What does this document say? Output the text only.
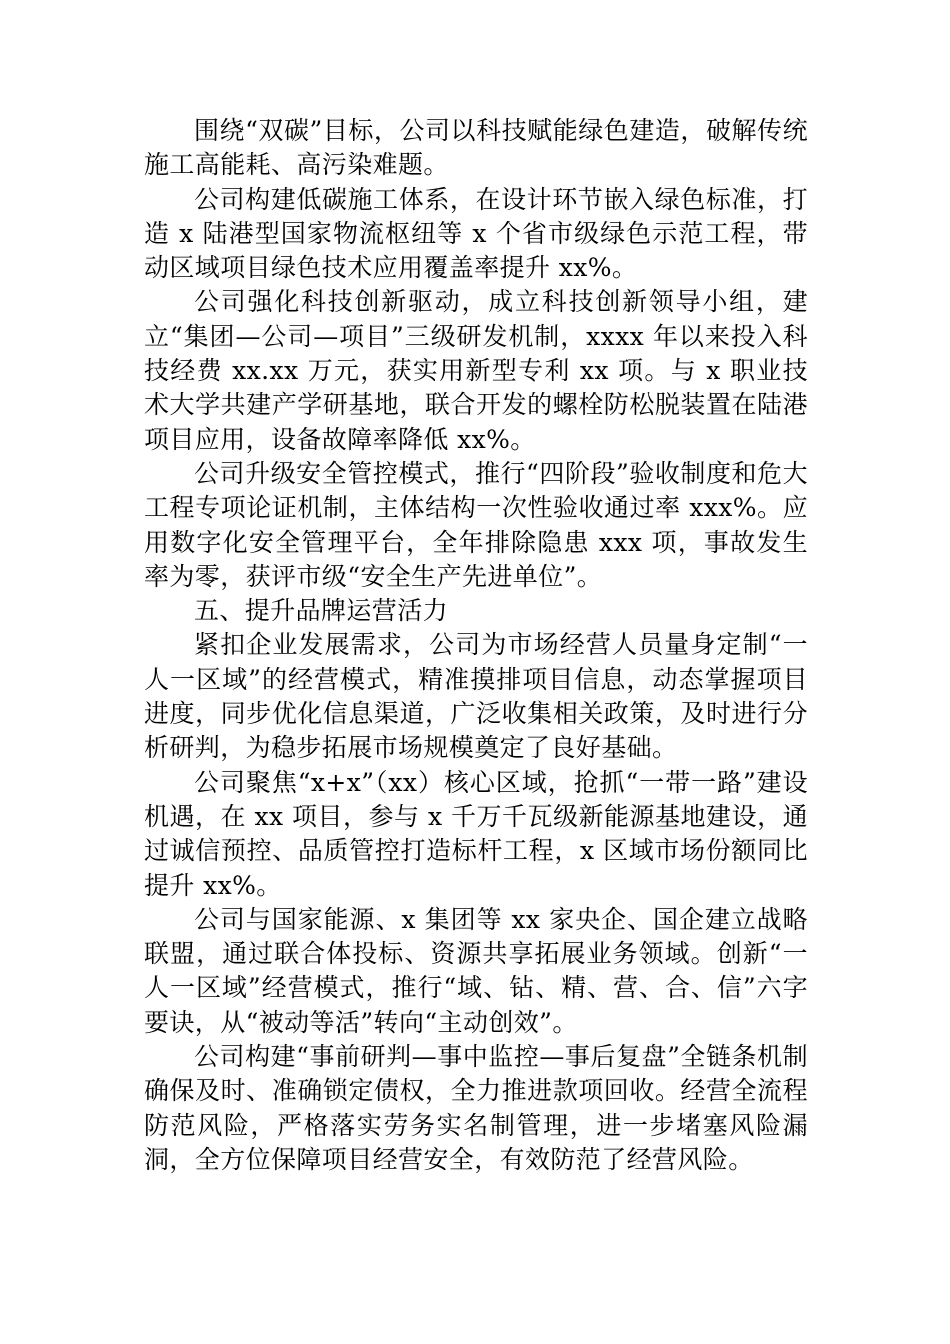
围绕“双碳”目标，公司以科技赋能绿色建造，破解传统施工高能耗、高污染难题。

公司构建低碳施工体系，在设计环节嵌入绿色标准，打造 x 陆港型国家物流枢纽等 x 个省市级绿色示范工程，带动区域项目绿色技术应用覆盖率提升 xx%。

公司强化科技创新驱动，成立科技创新领导小组，建立“集团—公司—项目”三级研发机制，xxxx 年以来投入科技经费 xx.xx 万元，获实用新型专利 xx 项。与 x 职业技术大学共建产学研基地，联合开发的螺栓防松脱装置在陆港项目应用，设备故障率降低 xx%。

公司升级安全管控模式，推行“四阶段”验收制度和危大工程专项论证机制，主体结构一次性验收通过率 xxx%。应用数字化安全管理平台，全年排除隐患 xxx 项，事故发生率为零，获评市级“安全生产先进单位”。

五、提升品牌运营活力

紧扣企业发展需求，公司为市场经营人员量身定制“一人一区域”的经营模式，精准摸排项目信息，动态掌握项目进度，同步优化信息渠道，广泛收集相关政策，及时进行分析研判，为稳步拓展市场规模奠定了良好基础。

公司聚焦“x+x”（xx）核心区域，抢抓“一带一路”建设机遇，在 xx 项目，参与 x 千万千瓦级新能源基地建设，通过诚信预控、品质管控打造标杆工程，x 区域市场份额同比提升 xx%。

公司与国家能源、x 集团等 xx 家央企、国企建立战略联盟，通过联合体投标、资源共享拓展业务领域。创新“一人一区域”经营模式，推行“域、钻、精、营、合、信”六字要诀，从“被动等活”转向“主动创效”。

公司构建“事前研判—事中监控—事后复盘”全链条机制确保及时、准确锁定债权，全力推进款项回收。经营全流程防范风险，严格落实劳务实名制管理，进一步堵塞风险漏洞，全方位保障项目经营安全，有效防范了经营风险。
